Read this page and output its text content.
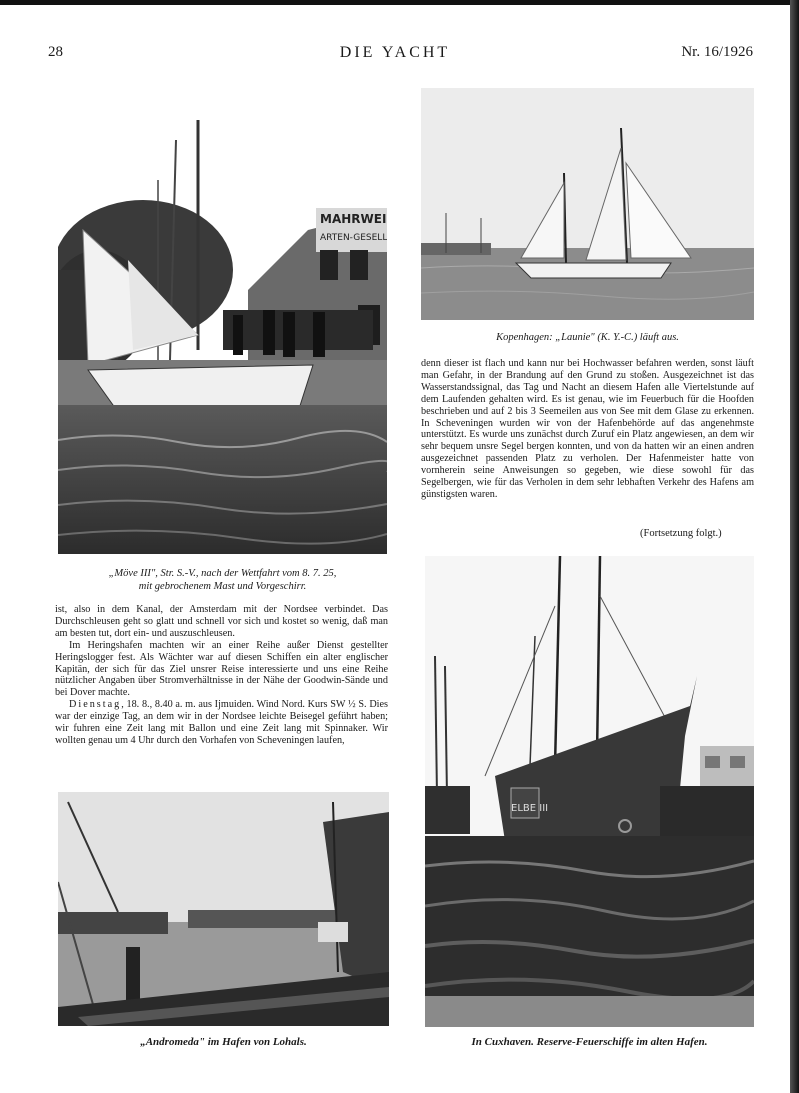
28	DIE YACHT	Nr. 16/1926
MAHRWEI
ARTEN-GESELL
„Möve III", Str. S.-V., nach der Wettfahrt vom 8. 7. 25,
mit gebrochenem Mast und Vorgeschirr.
Kopenhagen: „Launie" (K. Y.-C.) läuft aus.

denn dieser ist flach und kann nur bei Hochwasser befahren werden, sonst läuft man Gefahr, in der Brandung auf den Grund zu stoßen. Ausgezeichnet ist das Wasserstandssignal, das Tag und Nacht an diesem Hafen alle Viertelstunde auf dem Laufenden gehalten wird. Es ist genau, wie im Feuerbuch für die Hoofden beschrieben und auf 2 bis 3 Seemeilen aus von See mit dem Glase zu erkennen. In Scheveningen wurden wir von der Hafenbehörde auf das angenehmste unterstützt. Es wurde uns zunächst durch Zuruf ein Platz angewiesen, an dem wir sehr bequem unsre Segel bergen konnten, und von da hatten wir an einen andren ausgezeichnet passenden Platz zu verholen. Der Hafenmeister hatte von vornherein seine Anweisungen so gegeben, wie diese sowohl für das Segelbergen, wie für das Verholen in dem sehr lebhaften Verkehr des Hafens am günstigsten waren.

(Fortsetzung folgt.)

ist, also in dem Kanal, der Amsterdam mit der Nordsee verbindet. Das Durchschleusen geht so glatt und schnell vor sich und kostet so wenig, daß man am besten tut, dort ein- und auszuschleusen.

Im Heringshafen machten wir an einer Reihe außer Dienst gestellter Heringslogger fest. Als Wächter war auf diesen Schiffen ein alter englischer Kapitän, der sich für das Ziel unsrer Reise interessierte und uns eine Reihe nützlicher Angaben über Stromverhältnisse in der Nähe der Goodwin-Sände und bei Dover machte.

Dienstag, 18. 8., 8.40 a. m. aus Ijmuiden. Wind Nord. Kurs SW ½ S. Dies war der einzige Tag, an dem wir in der Nordsee leichte Beisegel geführt haben; wir fuhren eine Zeit lang mit Ballon und eine Zeit lang mit Spinnaker. Wir wollten genau um 4 Uhr durch den Vorhafen von Scheveningen laufen,

„Andromeda" im Hafen von Lohals.
ELBE III
In Cuxhaven. Reserve-Feuerschiffe im alten Hafen.
